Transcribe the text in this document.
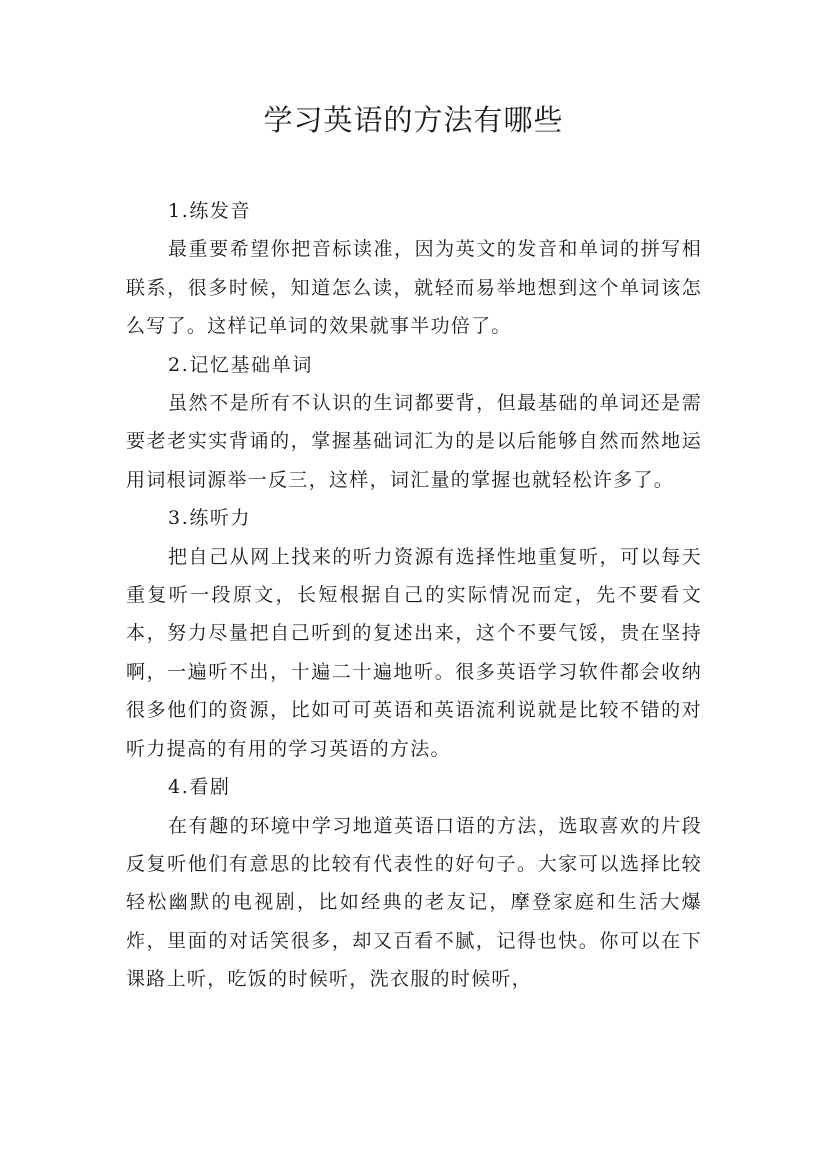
学习英语的方法有哪些

1.练发音

最重要希望你把音标读准，因为英文的发音和单词的拼写相联系，很多时候，知道怎么读，就轻而易举地想到这个单词该怎么写了。这样记单词的效果就事半功倍了。

2.记忆基础单词

虽然不是所有不认识的生词都要背，但最基础的单词还是需要老老实实背诵的，掌握基础词汇为的是以后能够自然而然地运用词根词源举一反三，这样，词汇量的掌握也就轻松许多了。

3.练听力

把自己从网上找来的听力资源有选择性地重复听，可以每天重复听一段原文，长短根据自己的实际情况而定，先不要看文本，努力尽量把自己听到的复述出来，这个不要气馁，贵在坚持啊，一遍听不出，十遍二十遍地听。很多英语学习软件都会收纳很多他们的资源，比如可可英语和英语流利说就是比较不错的对听力提高的有用的学习英语的方法。

4.看剧

在有趣的环境中学习地道英语口语的方法，选取喜欢的片段反复听他们有意思的比较有代表性的好句子。大家可以选择比较轻松幽默的电视剧，比如经典的老友记，摩登家庭和生活大爆炸，里面的对话笑很多，却又百看不腻，记得也快。你可以在下课路上听，吃饭的时候听，洗衣服的时候听，
